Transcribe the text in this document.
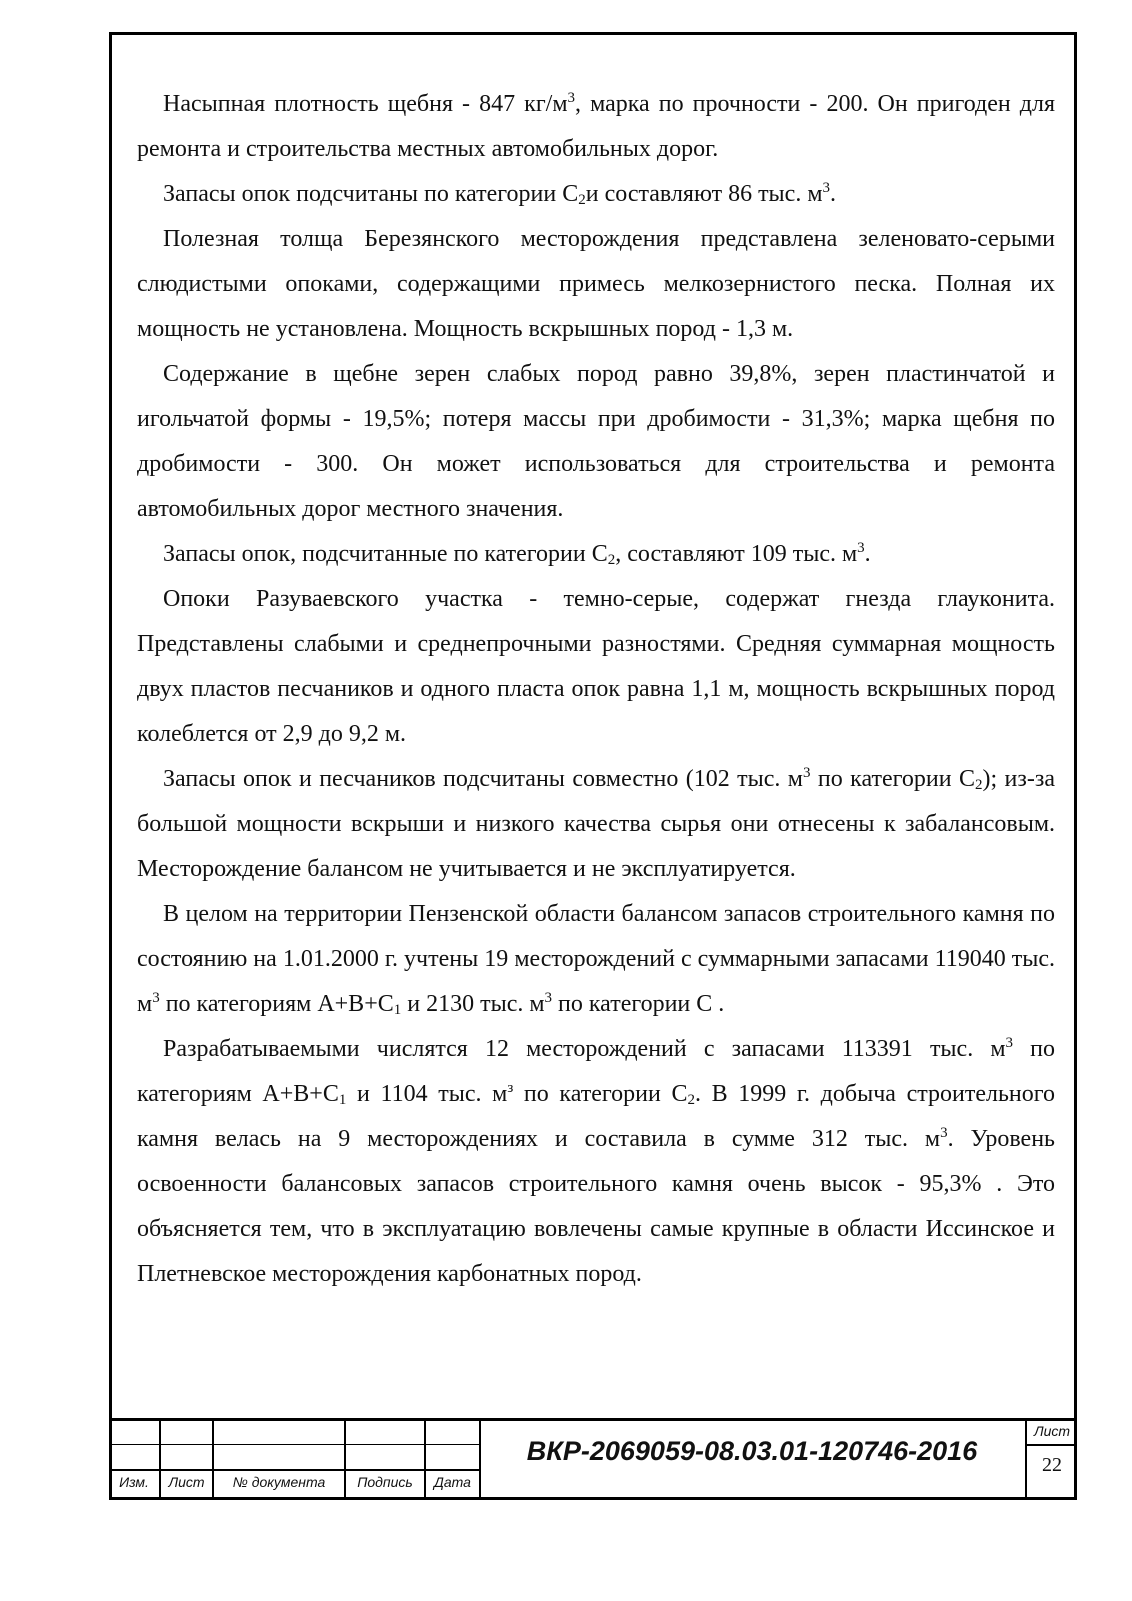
Насыпная плотность щебня - 847 $кг/м^3$, марка по прочности - 200. Он пригоден для ремонта и строительства местных автомобильных дорог.

Запасы опок подсчитаны по категории $С_2и$ составляют 86 тыс. $м^3$.

Полезная толща Березянского месторождения представлена зеленовато-серыми слюдистыми опоками, содержащими примесь мелкозернистого песка. Полная их мощность не установлена. Мощность вскрышных пород - 1,3 м.

Содержание в щебне зерен слабых пород равно 39,8%, зерен пластинчатой и игольчатой формы - 19,5%; потеря массы при дробимости - 31,3%; марка щебня по дробимости - 300. Он может использоваться для строительства и ремонта автомобильных дорог местного значения.

Запасы опок, подсчитанные по категории $С_2$, составляют 109 тыс. $м^3$.

Опоки Разуваевского участка - темно-серые, содержат гнезда глауконита. Представлены слабыми и среднепрочными разностями. Средняя суммарная мощность двух пластов песчаников и одного пласта опок равна 1,1 м, мощность вскрышных пород колеблется от 2,9 до 9,2 м.

Запасы опок и песчаников подсчитаны совместно (102 тыс. $м^3$ по категории $С_2$); из-за большой мощности вскрыши и низкого качества сырья они отнесены к забалансовым. Месторождение балансом не учитывается и не эксплуатируется.

В целом на территории Пензенской области балансом запасов строительного камня по состоянию на 1.01.2000 г. учтены 19 месторождений с суммарными запасами 119040 тыс. $м^3$ по категориям $А+В+С_1$ и 2130 тыс. $м^3$ по категории С .

Разрабатываемыми числятся 12 месторождений с запасами 113391 тыс. $м^3$ по категориям $А+В+С_1$ и 1104 тыс. $м^з$ по категории $С_2$. В 1999 г. добыча строительного камня велась на 9 месторождениях и составила в сумме 312 тыс. $м^3$. Уровень освоенности балансовых запасов строительного камня очень высок - 95,3% . Это объясняется тем, что в эксплуатацию вовлечены самые крупные в области Иссинское и Плетневское месторождения карбонатных пород.

Изм.	Лист	№ документа	Подпись	Дата
ВКР-2069059-08.03.01-120746-2016
Лист
22
